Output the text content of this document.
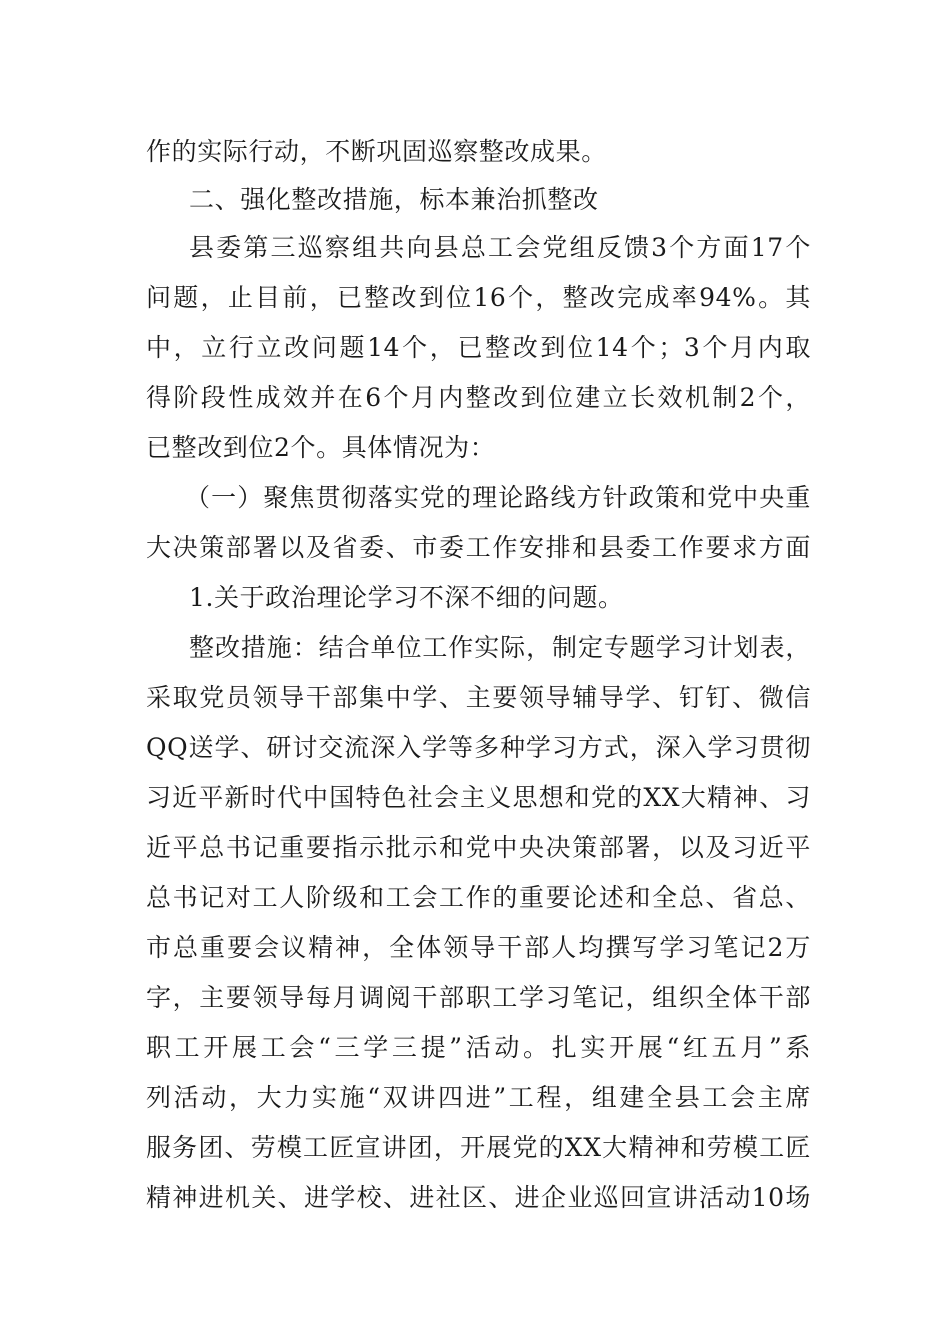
作的实际行动，不断巩固巡察整改成果。
二、强化整改措施，标本兼治抓整改
县委第三巡察组共向县总工会党组反馈3个方面17个
问题，止目前，已整改到位16个，整改完成率94%。其
中，立行立改问题14个，已整改到位14个；3个月内取
得阶段性成效并在6个月内整改到位建立长效机制2个，
已整改到位2个。具体情况为：
（一）聚焦贯彻落实党的理论路线方针政策和党中央重
大决策部署以及省委、市委工作安排和县委工作要求方面
1.关于政治理论学习不深不细的问题。
整改措施：结合单位工作实际，制定专题学习计划表，
采取党员领导干部集中学、主要领导辅导学、钉钉、微信
QQ送学、研讨交流深入学等多种学习方式，深入学习贯彻
习近平新时代中国特色社会主义思想和党的XX大精神、习
近平总书记重要指示批示和党中央决策部署，以及习近平
总书记对工人阶级和工会工作的重要论述和全总、省总、
市总重要会议精神，全体领导干部人均撰写学习笔记2万
字，主要领导每月调阅干部职工学习笔记，组织全体干部
职工开展工会“三学三提”活动。扎实开展“红五月”系
列活动，大力实施“双讲四进”工程，组建全县工会主席
服务团、劳模工匠宣讲团，开展党的XX大精神和劳模工匠
精神进机关、进学校、进社区、进企业巡回宣讲活动10场
